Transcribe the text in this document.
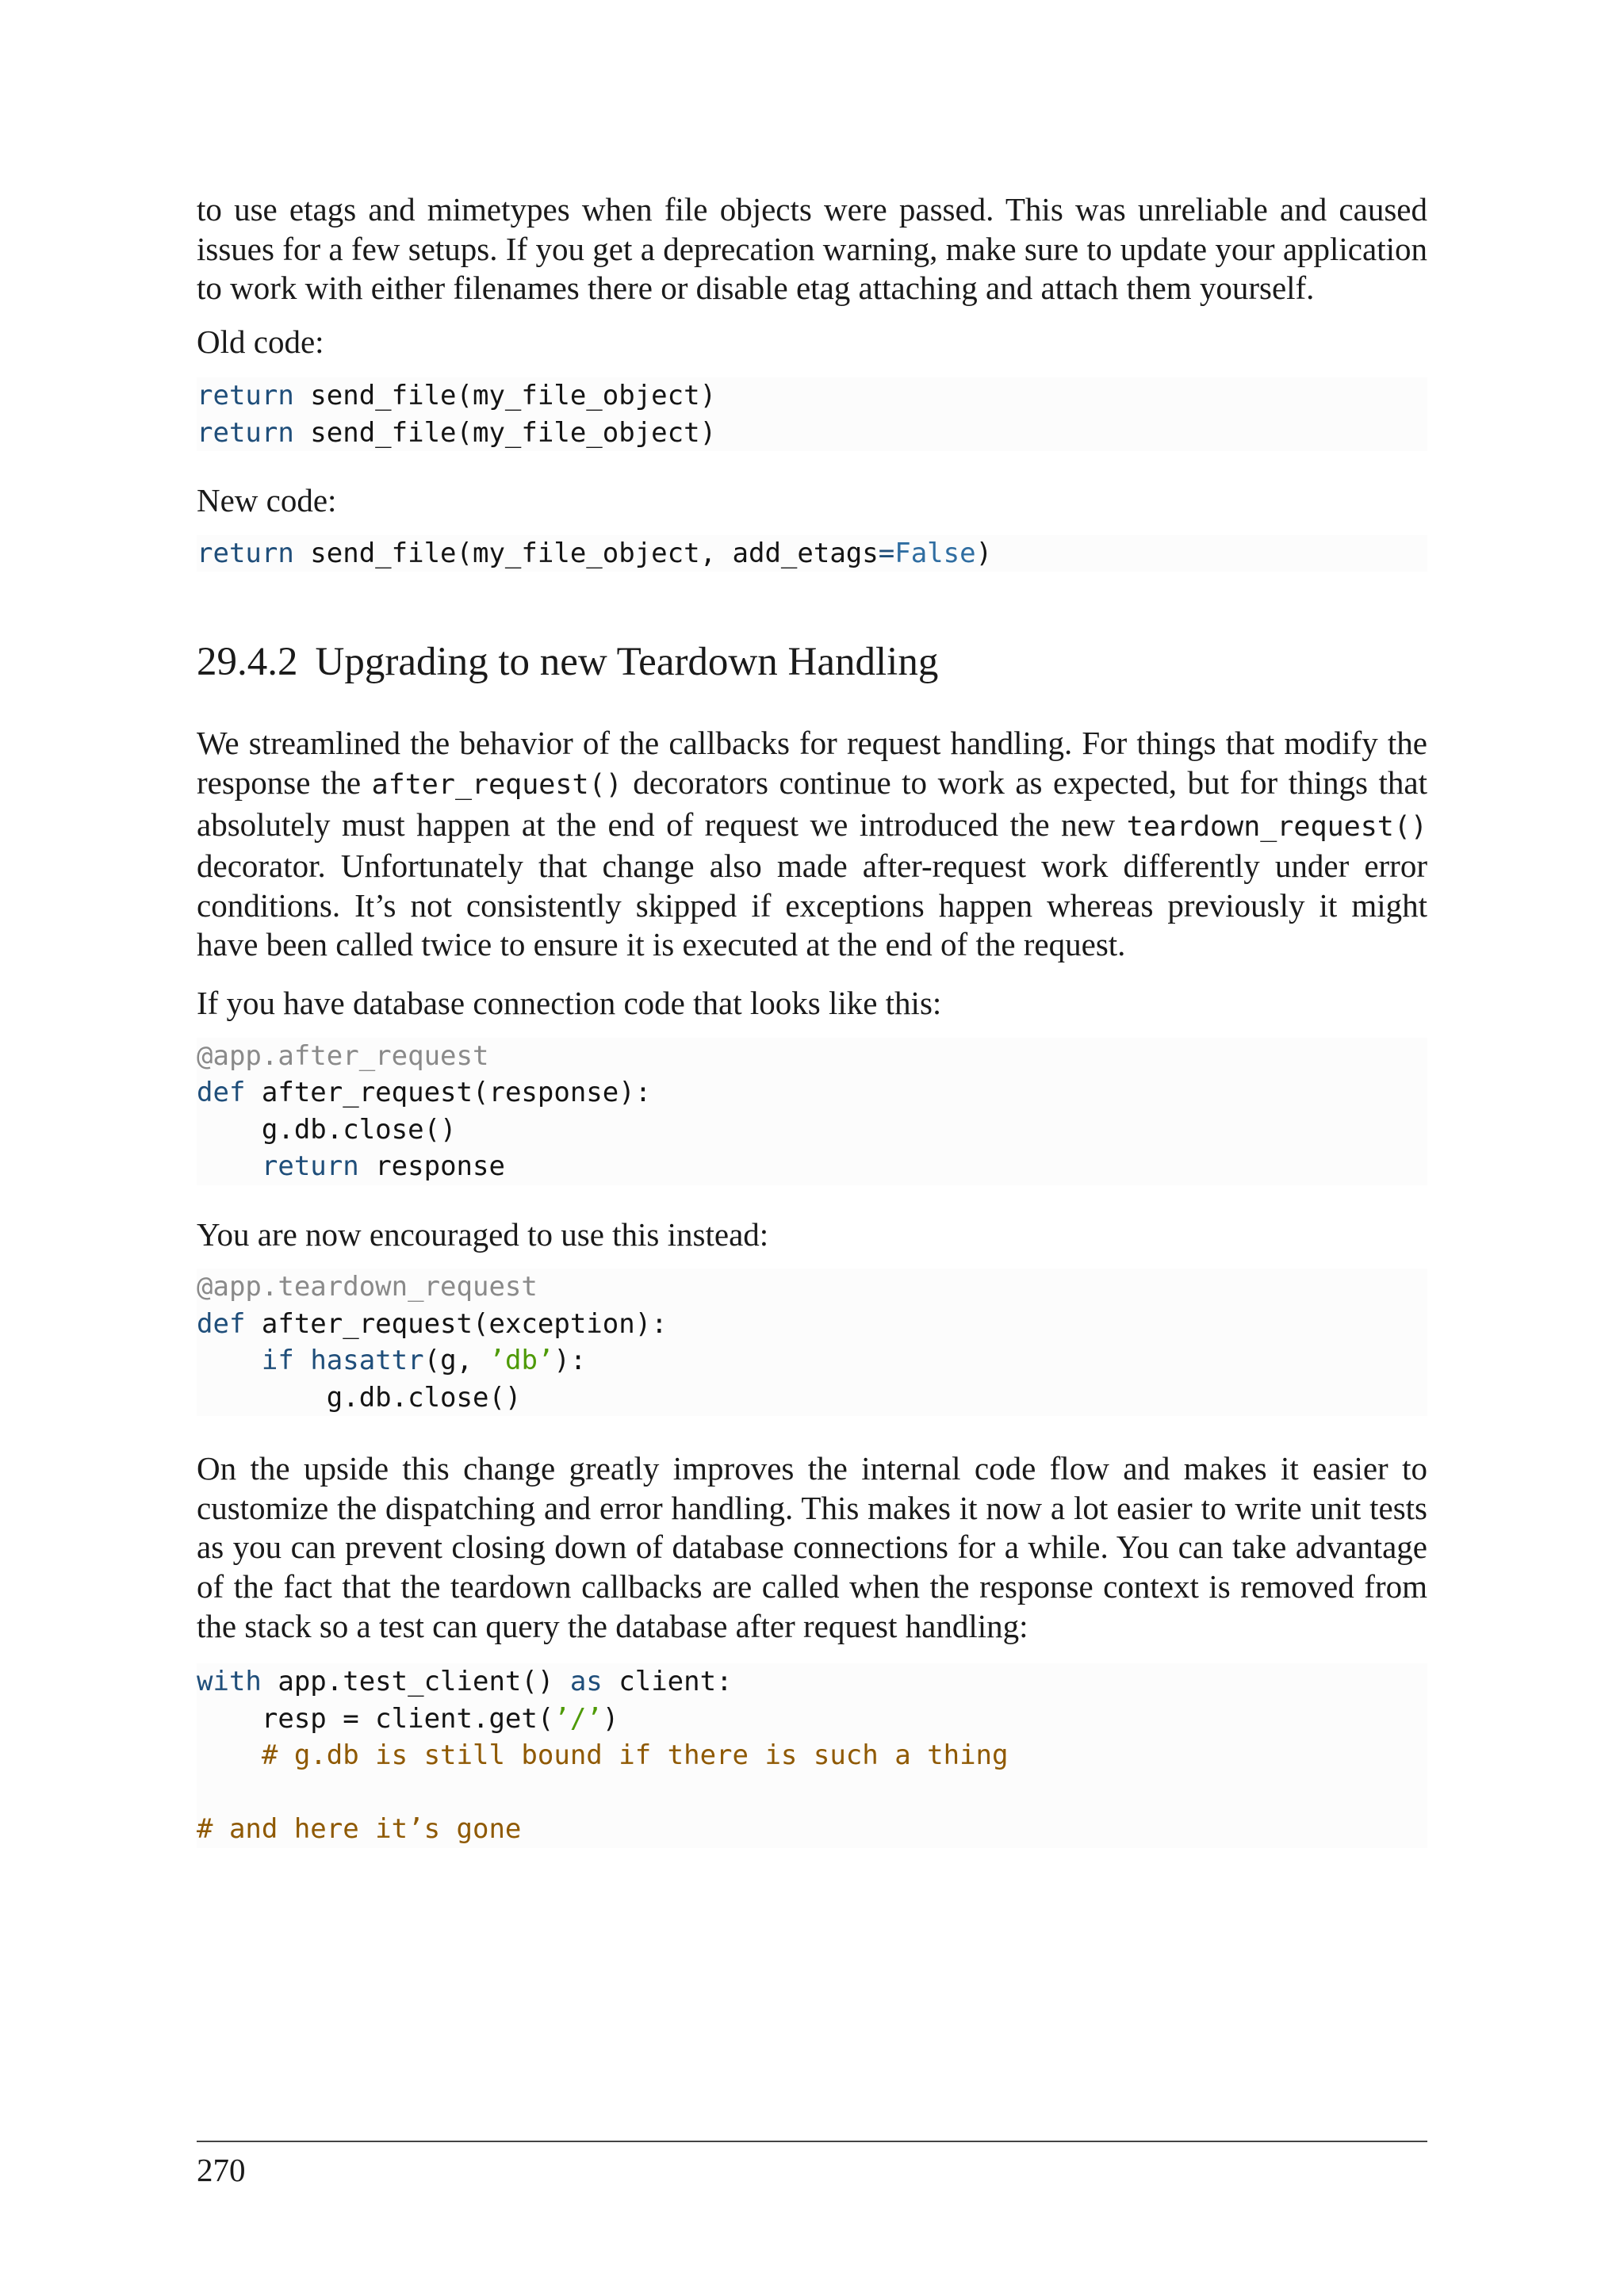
to use etags and mimetypes when file objects were passed. This was unreliable and caused issues for a few setups. If you get a deprecation warning, make sure to update your application to work with either filenames there or disable etag attaching and attach them yourself.

Old code:

return send_file(my_file_object)
return send_file(my_file_object)

New code:

return send_file(my_file_object, add_etags=False)
29.4.2 Upgrading to new Teardown Handling

We streamlined the behavior of the callbacks for request handling. For things that modify the response the after_request() decorators continue to work as expected, but for things that absolutely must happen at the end of request we introduced the new teardown_request() decorator. Unfortunately that change also made after-request work differently under error conditions. It’s not consistently skipped if exceptions happen whereas previously it might have been called twice to ensure it is executed at the end of the request.

If you have database connection code that looks like this:

@app.after_request
def after_request(response):
g.db.close()
return response

You are now encouraged to use this instead:

@app.teardown_request
def after_request(exception):
if hasattr(g, ’db’):
g.db.close()

On the upside this change greatly improves the internal code flow and makes it easier to customize the dispatching and error handling. This makes it now a lot easier to write unit tests as you can prevent closing down of database connections for a while. You can take advantage of the fact that the teardown callbacks are called when the response context is removed from the stack so a test can query the database after request handling:

with app.test_client() as client:
resp = client.get(’/’)
# g.db is still bound if there is such a thing

# and here it’s gone
270
